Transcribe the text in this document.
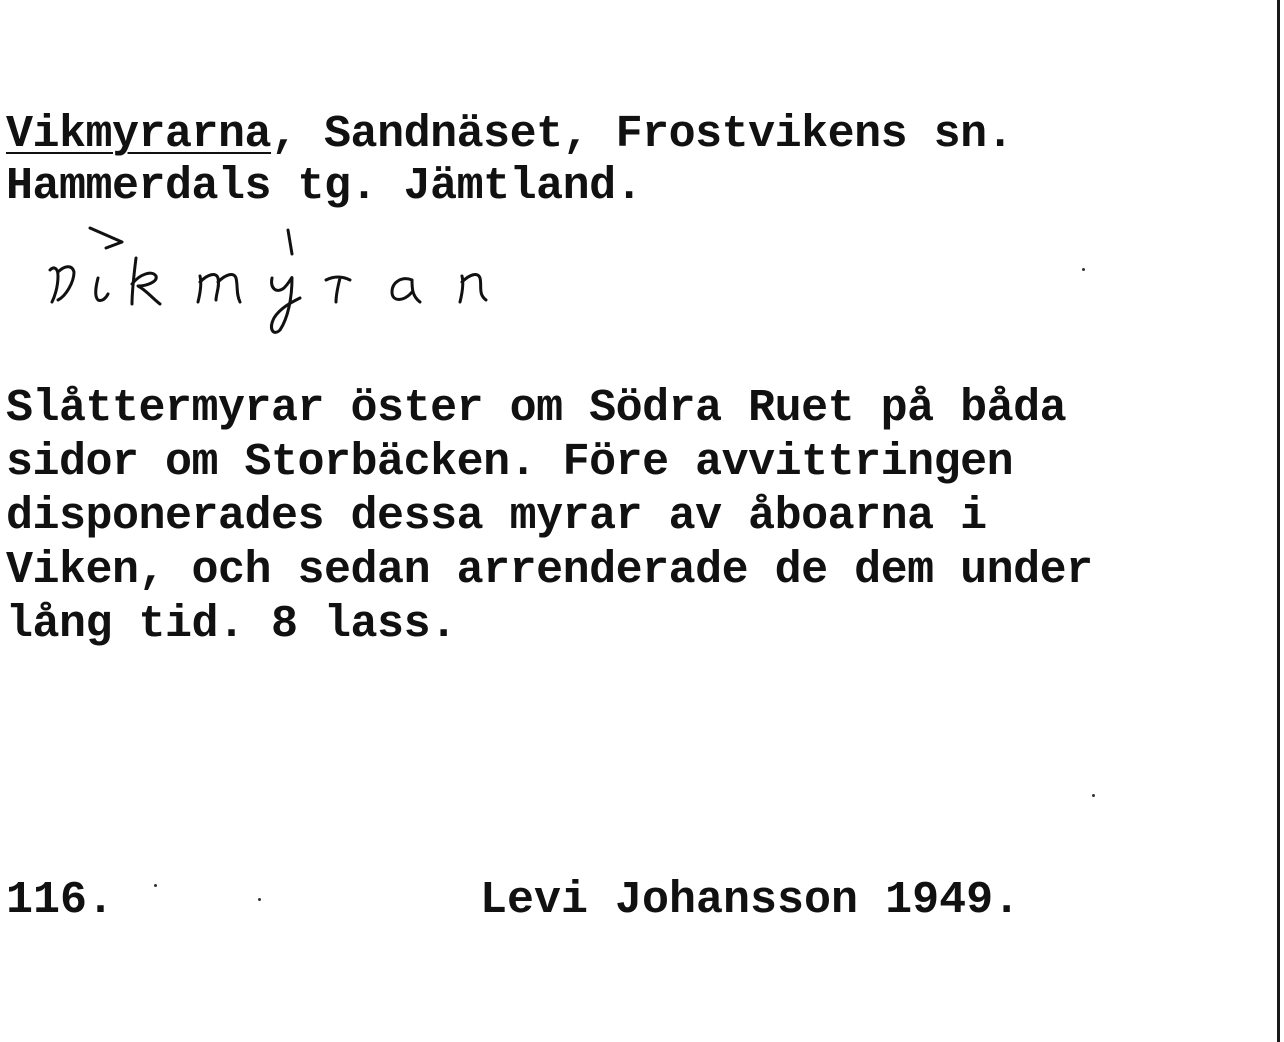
Vikmyrarna, Sandnäset, Frostvikens sn.
Hammerdals tg. Jämtland.
Slåttermyrar öster om Södra Ruet på båda
sidor om Storbäcken. Före avvittringen
disponerades dessa myrar av åboarna i
Viken, och sedan arrenderade de dem under
lång tid. 8 lass.
116.	Levi Johansson 1949.
